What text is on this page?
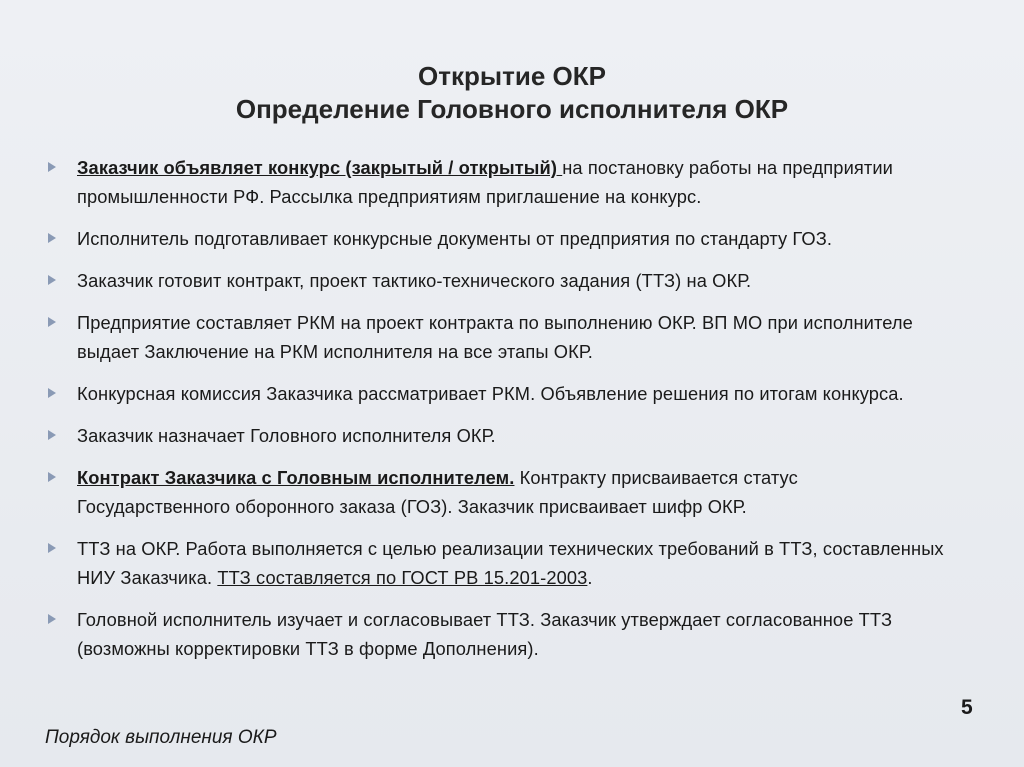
Открытие ОКР
Определение Головного исполнителя ОКР
Заказчик объявляет конкурс (закрытый / открытый) на постановку работы на предприятии промышленности РФ. Рассылка предприятиям приглашение на конкурс.
Исполнитель подготавливает конкурсные документы от предприятия по стандарту ГОЗ.
Заказчик готовит контракт, проект тактико-технического задания (ТТЗ) на ОКР.
Предприятие составляет РКМ на проект контракта по выполнению ОКР. ВП МО при исполнителе выдает Заключение на РКМ исполнителя на все этапы ОКР.
Конкурсная комиссия Заказчика рассматривает РКМ. Объявление решения по итогам конкурса.
Заказчик назначает Головного исполнителя ОКР.
Контракт Заказчика с Головным исполнителем. Контракту присваивается статус Государственного оборонного заказа (ГОЗ). Заказчик присваивает шифр ОКР.
ТТЗ на ОКР. Работа выполняется с целью реализации технических требований в ТТЗ, составленных НИУ Заказчика. ТТЗ составляется по ГОСТ РВ 15.201-2003.
Головной исполнитель изучает и согласовывает ТТЗ. Заказчик утверждает согласованное ТТЗ (возможны корректировки ТТЗ в форме Дополнения).
5
Порядок выполнения ОКР
